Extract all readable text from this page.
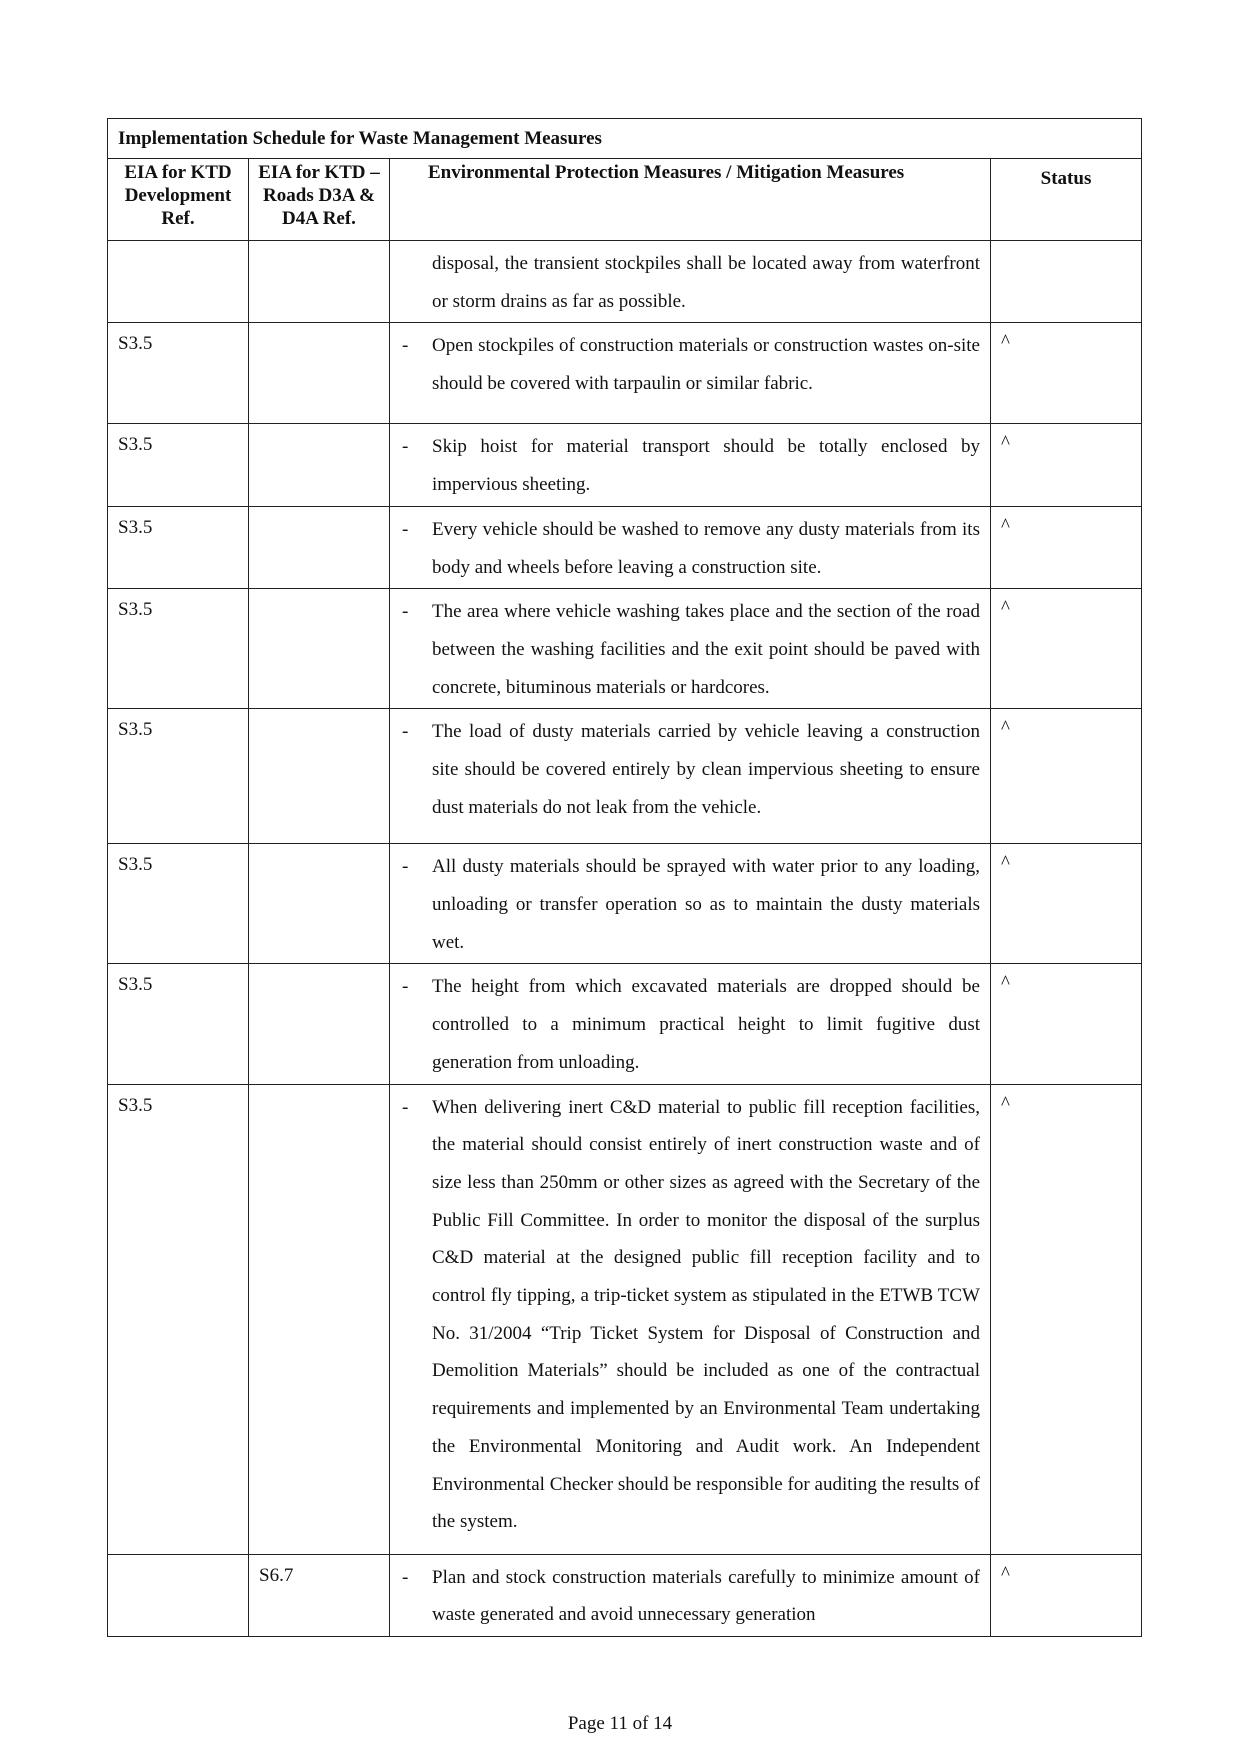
Implementation Schedule for Waste Management Measures			
EIA for KTD Development Ref.	EIA for KTD – Roads D3A & D4A Ref.	Environmental Protection Measures / Mitigation Measures	Status

		disposal, the transient stockpiles shall be located away from waterfront or storm drains as far as possible.	

S3.5		- Open stockpiles of construction materials or construction wastes on-site should be covered with tarpaulin or similar fabric.	^
S3.5		- Skip hoist for material transport should be totally enclosed by impervious sheeting.	^
S3.5		- Every vehicle should be washed to remove any dusty materials from its body and wheels before leaving a construction site.	^
S3.5		- The area where vehicle washing takes place and the section of the road between the washing facilities and the exit point should be paved with concrete, bituminous materials or hardcores.	^
S3.5		- The load of dusty materials carried by vehicle leaving a construction site should be covered entirely by clean impervious sheeting to ensure dust materials do not leak from the vehicle.	^
S3.5		- All dusty materials should be sprayed with water prior to any loading, unloading or transfer operation so as to maintain the dusty materials wet.	^
S3.5		- The height from which excavated materials are dropped should be controlled to a minimum practical height to limit fugitive dust generation from unloading.	^
S3.5		- When delivering inert C&D material to public fill reception facilities, the material should consist entirely of inert construction waste and of size less than 250mm or other sizes as agreed with the Secretary of the Public Fill Committee. In order to monitor the disposal of the surplus C&D material at the designed public fill reception facility and to control fly tipping, a trip-ticket system as stipulated in the ETWB TCW No. 31/2004 “Trip Ticket System for Disposal of Construction and Demolition Materials” should be included as one of the contractual requirements and implemented by an Environmental Team undertaking the Environmental Monitoring and Audit work. An Independent Environmental Checker should be responsible for auditing the results of the system.	^
	S6.7	- Plan and stock construction materials carefully to minimize amount of waste generated and avoid unnecessary generation	^
Page 11 of 14
